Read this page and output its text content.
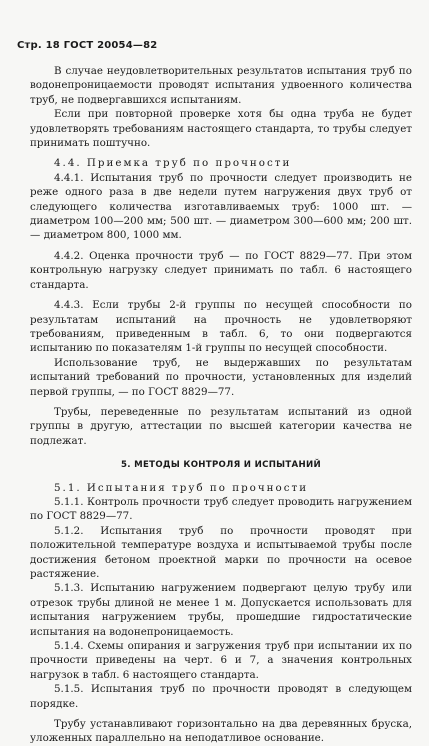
Стр. 18 ГОСТ 20054—82

В случае неудовлетворительных результатов испытания труб по водонепроницаемости проводят испытания удвоенного количества труб, не подвергавшихся испытаниям.

Если при повторной проверке хотя бы одна труба не будет удовлетворять требованиям настоящего стандарта, то трубы следует принимать поштучно.

4.4. Приемка труб по прочности

4.4.1. Испытания труб по прочности следует производить не реже одного раза в две недели путем нагружения двух труб от следующего количества изготавливаемых труб: 1000 шт. — диаметром 100—200 мм; 500 шт. — диаметром 300—600 мм; 200 шт. — диаметром 800, 1000 мм.

4.4.2. Оценка прочности труб — по ГОСТ 8829—77. При этом контрольную нагрузку следует принимать по табл. 6 настоящего стандарта.

4.4.3. Если трубы 2-й группы по несущей способности по результатам испытаний на прочность не удовлетворяют требованиям, приведенным в табл. 6, то они подвергаются испытанию по показателям 1-й группы по несущей способности.

Использование труб, не выдержавших по результатам испытаний требований по прочности, установленных для изделий первой группы, — по ГОСТ 8829—77.

Трубы, переведенные по результатам испытаний из одной группы в другую, аттестации по высшей категории качества не подлежат.

5. МЕТОДЫ КОНТРОЛЯ И ИСПЫТАНИЙ

5.1. Испытания труб по прочности

5.1.1. Контроль прочности труб следует проводить нагружением по ГОСТ 8829—77.

5.1.2. Испытания труб по прочности проводят при положительной температуре воздуха и испытываемой трубы после достижения бетоном проектной марки по прочности на осевое растяжение.

5.1.3. Испытанию нагружением подвергают целую трубу или отрезок трубы длиной не менее 1 м. Допускается использовать для испытания нагружением трубы, прошедшие гидростатические испытания на водонепроницаемость.

5.1.4. Схемы опирания и загружения труб при испытании их по прочности приведены на черт. 6 и 7, а значения контрольных нагрузок в табл. 6 настоящего стандарта.

5.1.5. Испытания труб по прочности проводят в следующем порядке.

Трубу устанавливают горизонтально на два деревянных бруска, уложенных параллельно на неподатливое основание.
